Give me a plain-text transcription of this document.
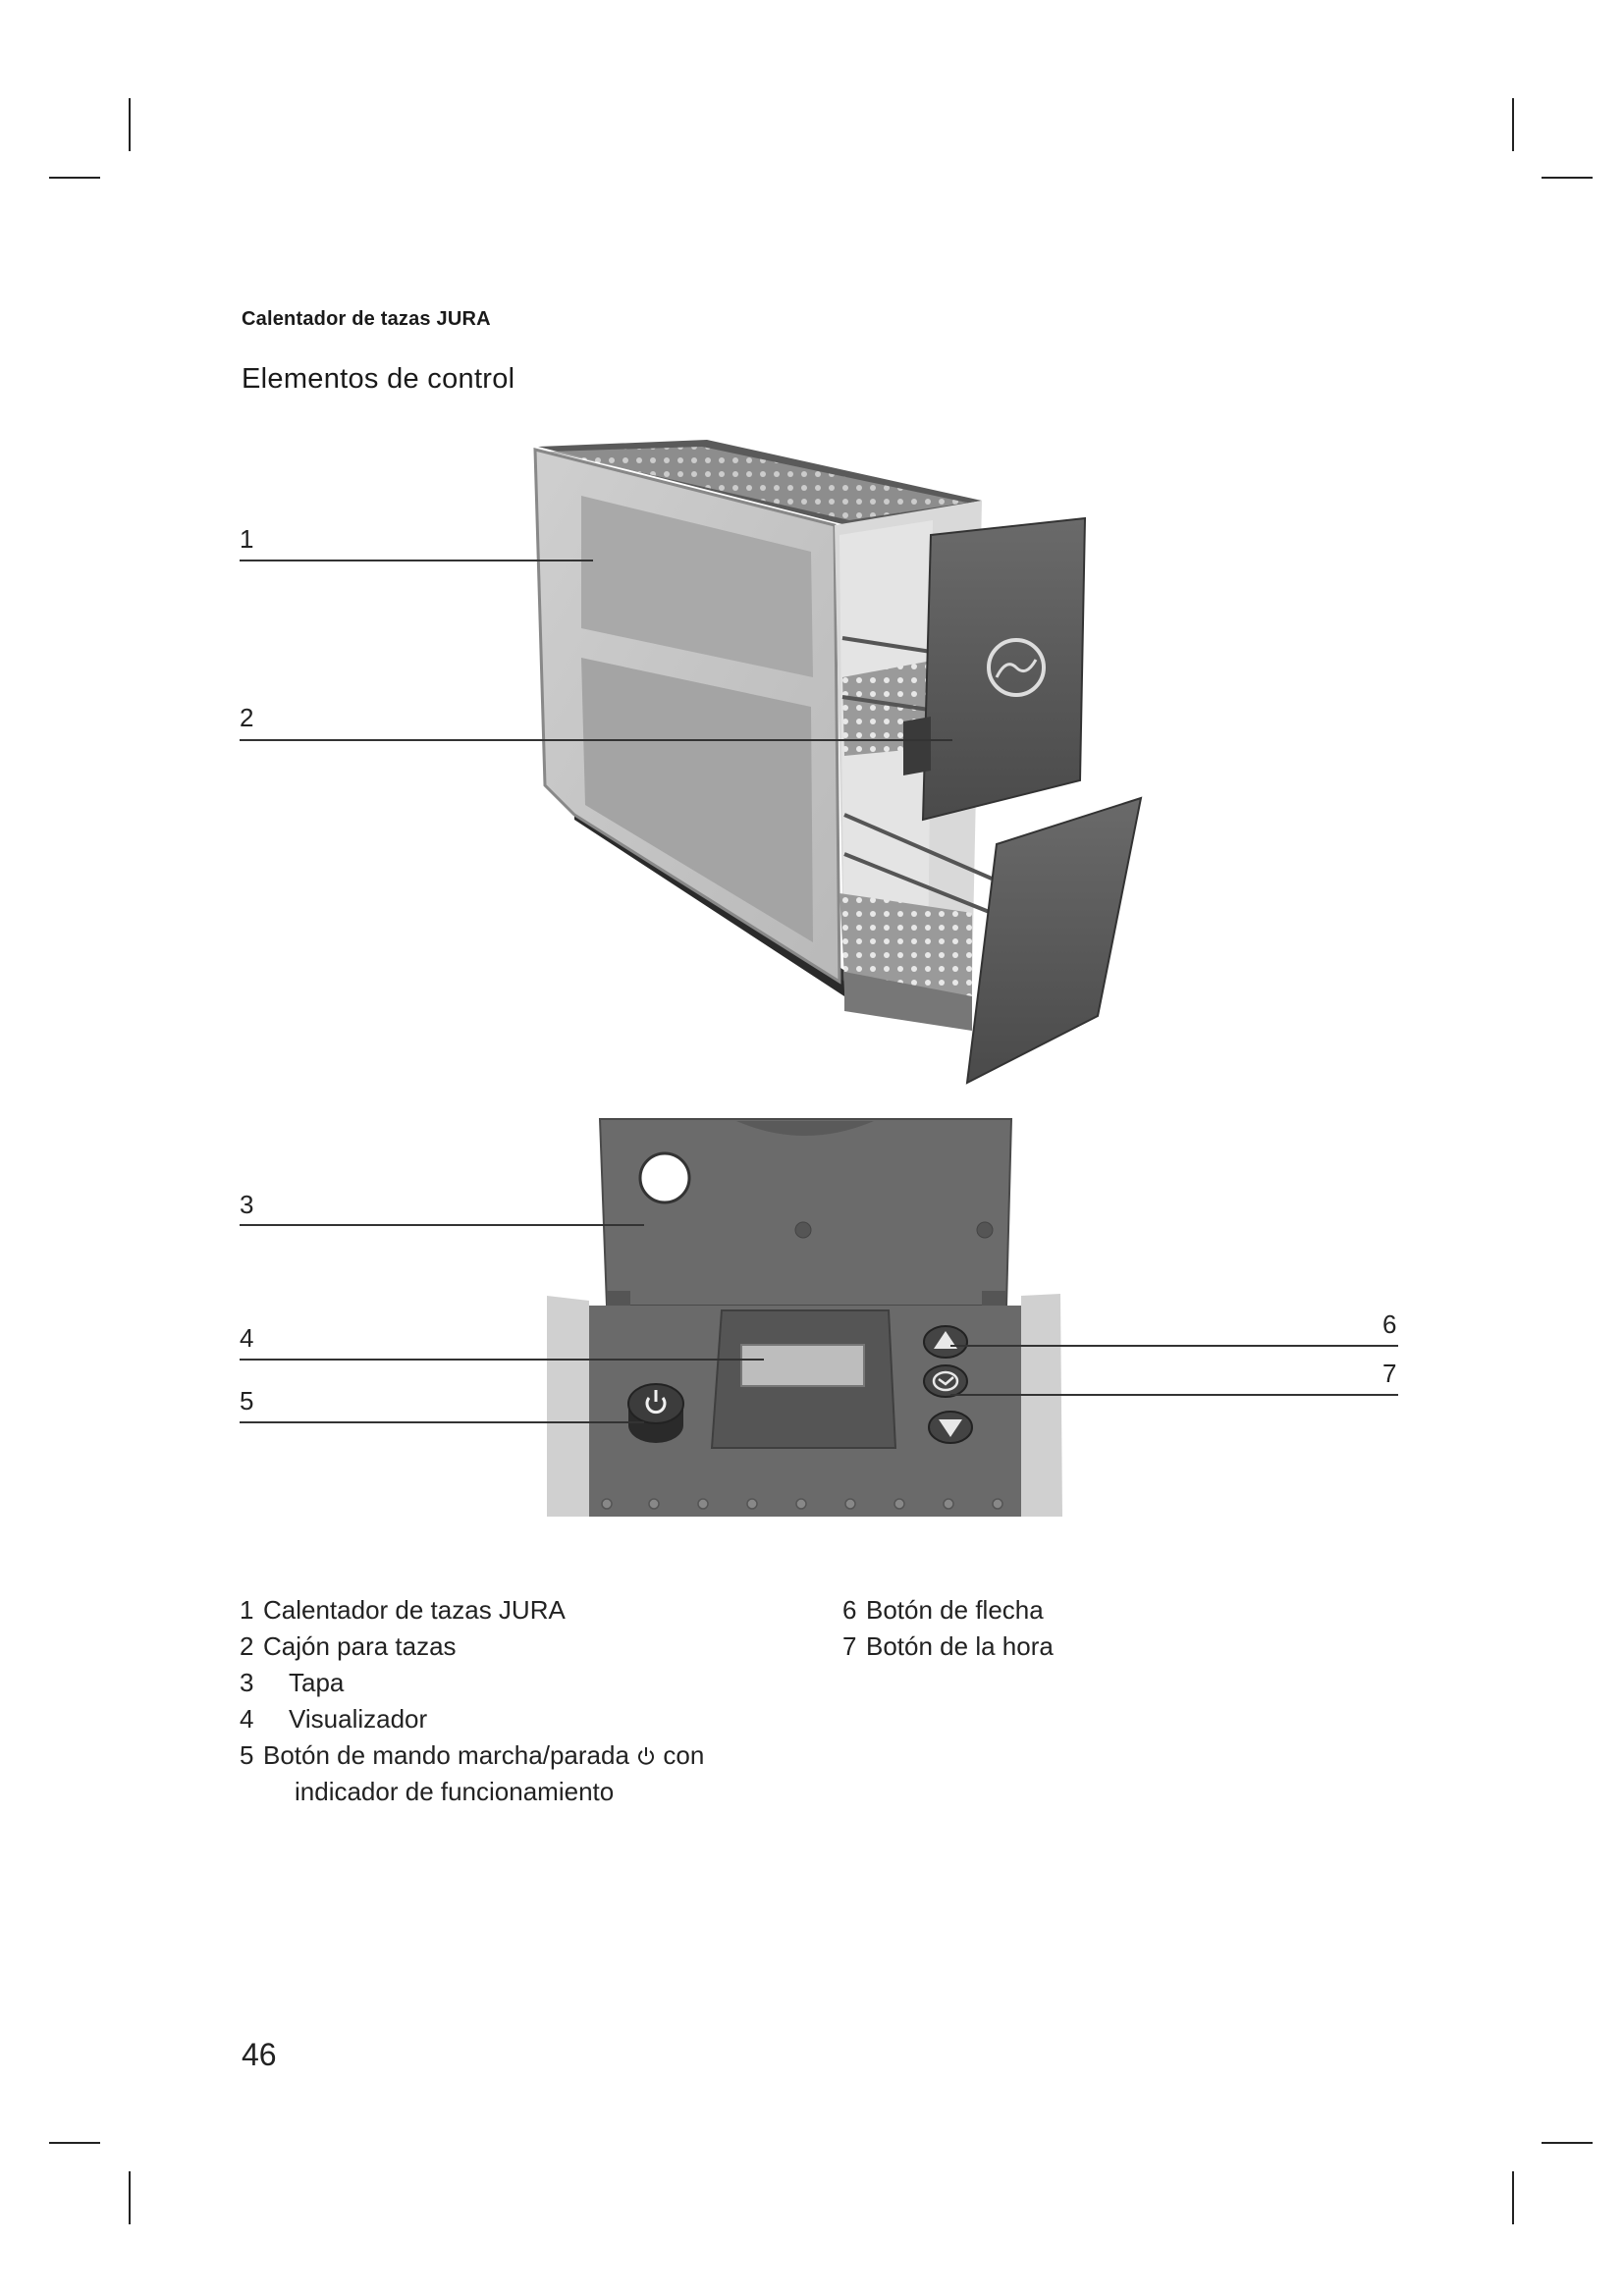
Calentador de tazas JURA
Elementos de control
1
2
3
4
5
6
7
1 Calentador de tazas JURA
2 Cajón para tazas
3	Tapa
4	Visualizador
5 Botón de mando marcha/parada con
indicador de funcionamiento
6 Botón de flecha
7 Botón de la hora
46
